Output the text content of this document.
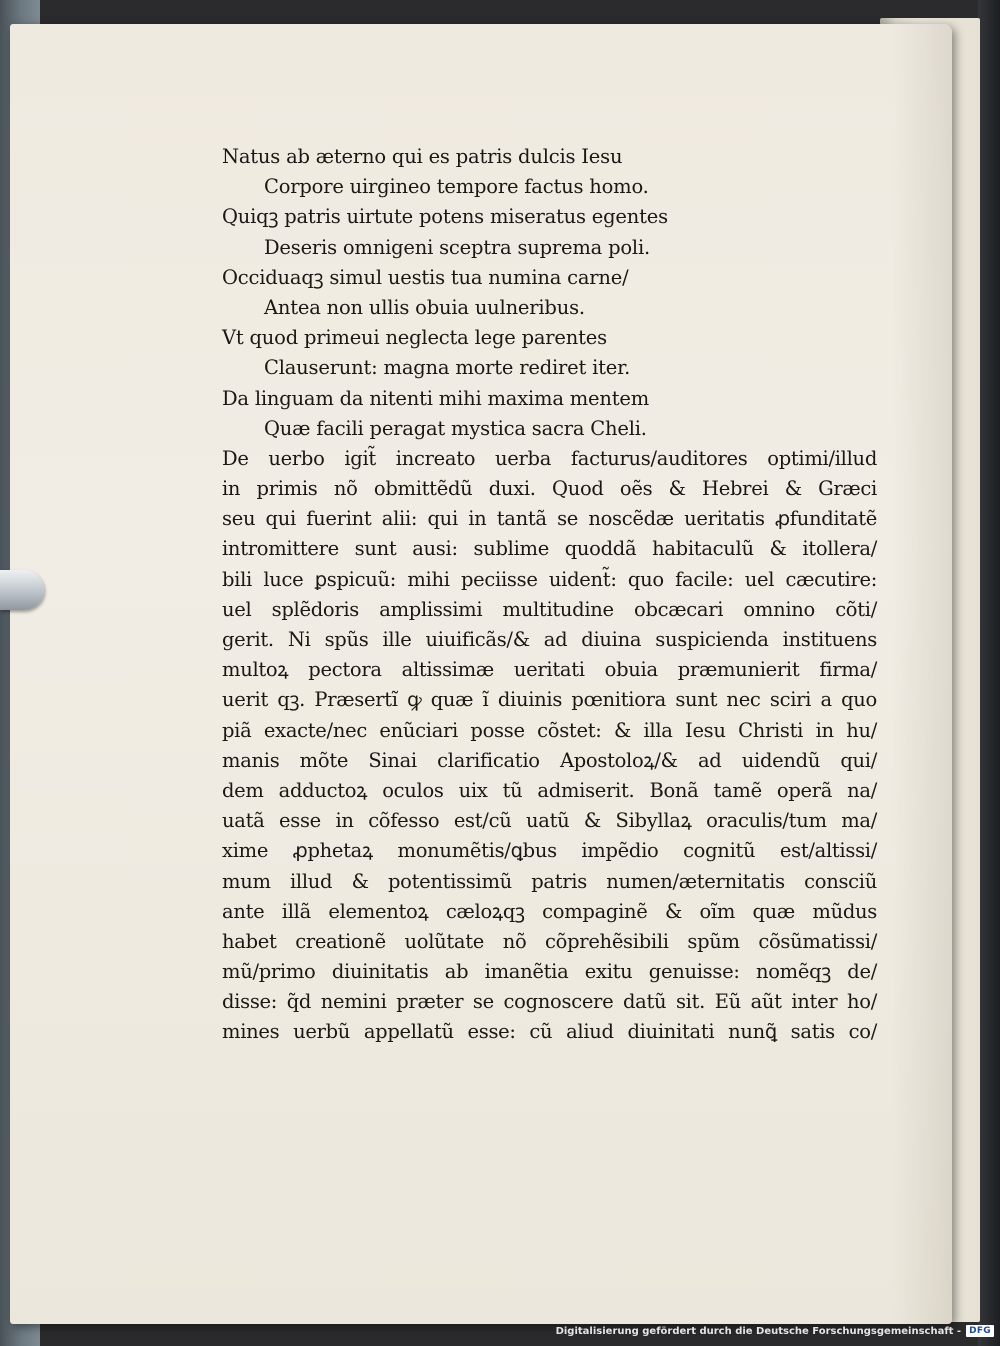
Natus ab æterno qui es patris dulcis Iesu
Corpore uirgineo tempore factus homo.
Quiqꝫ patris uirtute potens miseratus egentes
Deseris omnigeni sceptra suprema poli.
Occiduaqꝫ simul uestis tua numina carne/
Antea non ullis obuia uulneribus.
Vt quod primeui neglecta lege parentes
Clauserunt: magna morte rediret iter.
Da linguam da nitenti mihi maxima mentem
Quæ facili peragat mystica sacra Cheli.
De uerbo igit̃ increato uerba facturus/auditores optimi/illud
in primis nõ obmittẽdũ duxi. Quod oẽs & Hebrei & Græci
seu qui fuerint alii: qui in tantã se noscẽdæ ueritatis ꝓfunditatẽ
intromittere sunt ausi: sublime quoddã habitaculũ & itollera/
bili luce ꝑspicuũ: mihi peciisse uident̃: quo facile: uel cæcutire:
uel splẽdoris amplissimi multitudine obcæcari omnino cõti/
gerit. Ni spũs ille uiuificãs/& ad diuina suspicienda instituens
multoꝝ pectora altissimæ ueritati obuia præmunierit firma/
uerit qꝫ. Præsertĩ ꝙ quæ ĩ diuinis pœnitiora sunt nec sciri a quo
piã exacte/nec enũciari posse cõstet: & illa Iesu Christi in hu/
manis mõte Sinai clarificatio Apostoloꝝ/& ad uidendũ qui/
dem adductoꝝ oculos uix tũ admiserit. Bonã tamẽ operã na/
uatã esse in cõfesso est/cũ uatũ & Sibyllaꝝ oraculis/tum ma/
xime ꝓphetaꝝ monumẽtis/ꝗbus impẽdio cognitũ est/altissi/
mum illud & potentissimũ patris numen/æternitatis consciũ
ante illã elementoꝝ cæloꝝqꝫ compaginẽ & oĩm quæ mũdus
habet creationẽ uolũtate nõ cõprehẽsibili spũm cõsũmatissi/
mũ/primo diuinitatis ab imanẽtia exitu genuisse: nomẽqꝫ de/
disse: q̃d nemini præter se cognoscere datũ sit. Eũ aũt inter ho/
mines uerbũ appellatũ esse: cũ aliud diuinitati nunꝗ̃ satis co/
Digitalisierung gefördert durch die Deutsche Forschungsgemeinschaft - DFG
